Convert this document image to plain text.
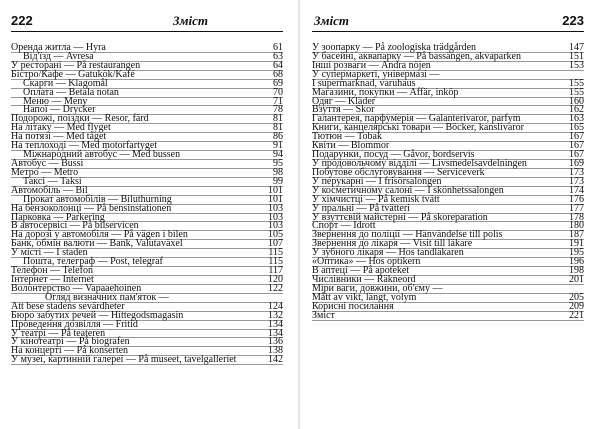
222	Зміст
Оренда житла — Hyra	61
Від'їзд — Avresa	63
У ресторані — På restaurangen	64
Бістро/Кафе — Gatukök/Kafé	68
Скарги — Klagomål	69
Оплата — Betala notan	70
Меню — Meny	71
Напої — Drycker	78
Подорожі, поїздки — Resor, färd	81
На літаку — Med flyget	81
На потязі — Med tåget	86
На теплоході — Med motorfartyget	91
Міжнародний автобус — Med bussen	94
Автобус — Bussi	95
Метро — Metro	98
Таксі — Taksi	99
Автомобіль — Bil	101
Прокат автомобілів — Biluthurning	101
На бензоколонці — På bensinstationen	103
Парковка — Parkering	103
В автосервісі — På bilservicen	103
На дорозі у автомобіля — På vägen i bilen	105
Банк, обмін валюти — Bank, Valutaväxel	107
У місті — I staden	115
Пошта, телеграф — Post, telegraf	115
Телефон — Telefon	117
Інтернет — Internet	120
Волонтерство — Vapaaehoinen	122
Огляд визначних пам'яток —
Att bese stadens sevärdheter	124
Бюро забутих речей — Hittegodsmagasin	132
Проведення дозвілля — Fritid	134
У театрі — På teateren	134
У кінотеатрі — På biografen	136
На концерті — På konserten	138
У музеї, картинній галереї — På museet, tavelgalleriet	142
Зміст	223
У зоопарку — På zoologiska trädgården	147
У басейні, аквапарку — På bassängen, akvaparken	151
Інші розваги — Andra nöjen	153
У супермаркеті, універмазі —
I supermarknad, varuhaus	155
Магазини, покупки — Affär, inköp	155
Одяг — Kläder	160
Взуття — Skor	162
Галантерея, парфумерія — Galanterivaror, parfym	163
Книги, канцелярські товари — Böcker, kanslivaror	165
Тютюн — Tobak	167
Квіти — Blommor	167
Подарунки, посуд — Gåvor, bordservis	167
У продовольчому відділі — Livsmedelsavdelningen	169
Побутове обслуговування — Serviceverk	173
У перукарні — I frisörsalongen	173
У косметичному салоні — I skönhetssalongen	174
У хімчистці — På kemisk tvätt	176
У пральні — På tvätteri	177
У взуттєвій майстерні — På skoreparation	178
Спорт — Idrott	180
Звернення до поліції — Hänvändelse till polis	187
Звернення до лікаря — Visit till läkare	191
У зубного лікаря — Hos tandläkaren	195
«Оптика» — Hos optikern	196
В аптеці — På apoteket	198
Числівники — Räkneord	201
Міри ваги, довжини, об'єму —
Mått av vikt, längt, volym	205
Корисні посилання	209
Зміст	221
